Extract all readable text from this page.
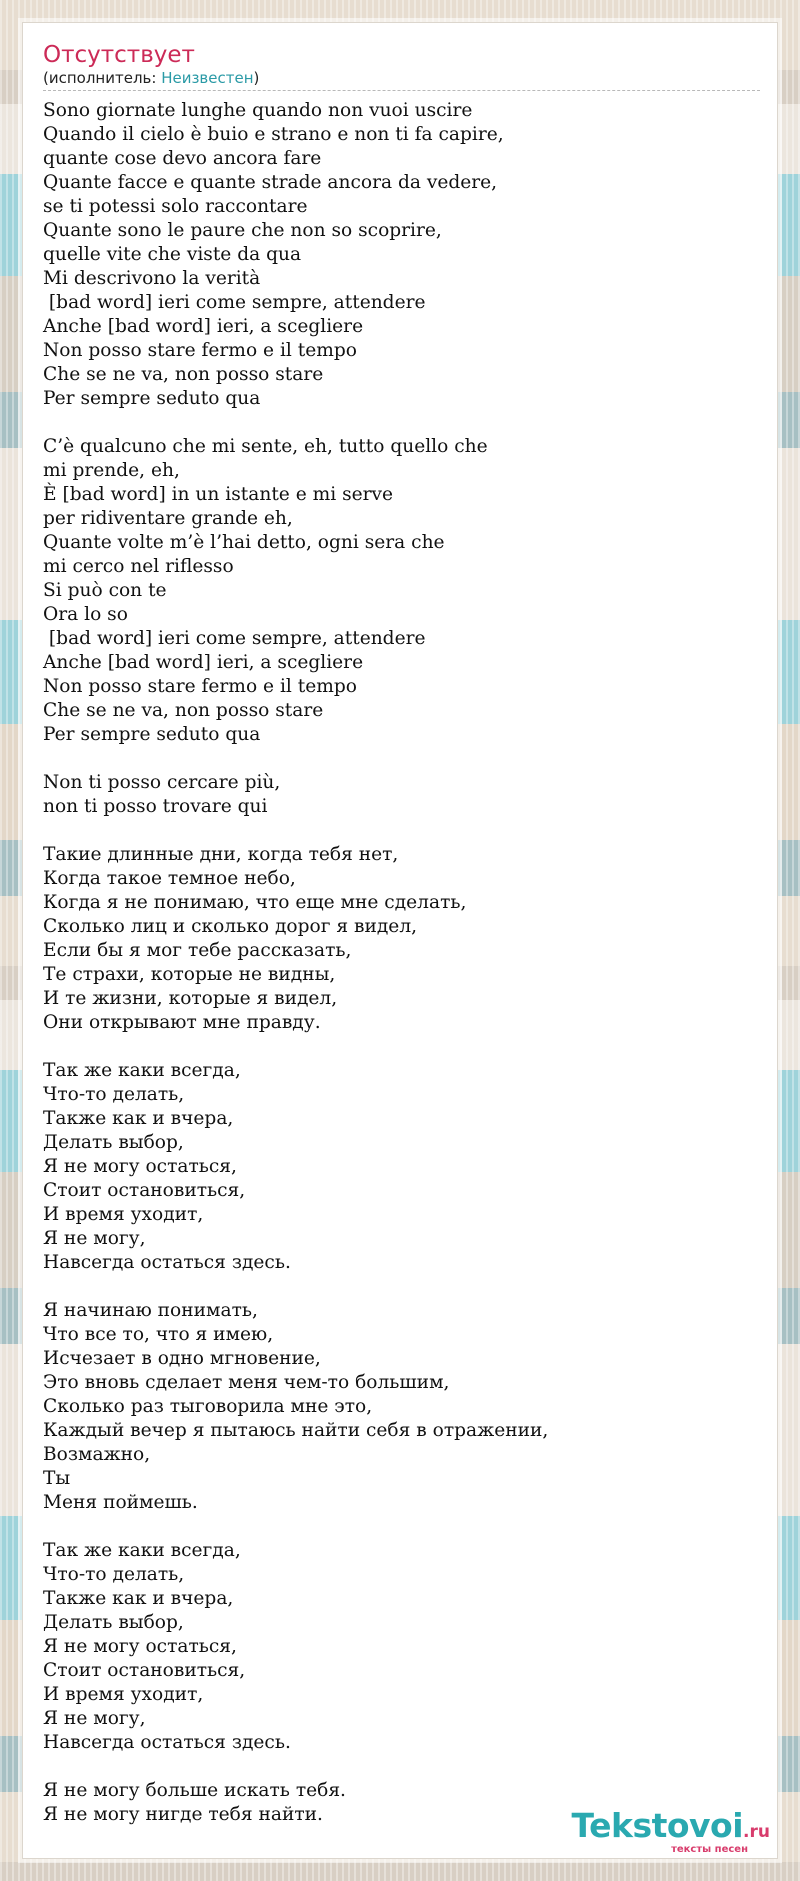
Отсутствует
(исполнитель: Неизвестен)
Sono giornate lunghe quando non vuoi uscire
Quando il cielo è buio e strano e non ti fa capire,
quante cose devo ancora fare
Quante facce e quante strade ancora da vedere,
se ti potessi solo raccontare
Quante sono le paure che non so scoprire,
quelle vite che viste da qua
Mi descrivono la verità
[bad word] ieri come sempre, attendere
Anche [bad word] ieri, a scegliere
Non posso stare fermo e il tempo
Che se ne va, non posso stare
Per sempre seduto qua
C’è qualcuno che mi sente, eh, tutto quello che
mi prende, eh,
È [bad word] in un istante e mi serve
per ridiventare grande eh,
Quante volte m’è l’hai detto, ogni sera che
mi cerco nel riflesso
Si può con te
Ora lo so
[bad word] ieri come sempre, attendere
Anche [bad word] ieri, a scegliere
Non posso stare fermo e il tempo
Che se ne va, non posso stare
Per sempre seduto qua
Non ti posso cercare più,
non ti posso trovare qui
Такие длинные дни, когда тебя нет,
Когда такое темное небо,
Когда я не понимаю, что еще мне сделать,
Сколько лиц и сколько дорог я видел,
Если бы я мог тебе рассказать,
Те страхи, которые не видны,
И те жизни, которые я видел,
Они открывают мне правду.
Так же каки всегда,
Что-то делать,
Также как и вчера,
Делать выбор,
Я не могу остаться,
Стоит остановиться,
И время уходит,
Я не могу,
Навсегда остаться здесь.
Я начинаю понимать,
Что все то, что я имею,
Исчезает в одно мгновение,
Это вновь сделает меня чем-то большим,
Сколько раз тыговорила мне это,
Каждый вечер я пытаюсь найти себя в отражении,
Возмажно,
Ты
Меня поймешь.
Так же каки всегда,
Что-то делать,
Также как и вчера,
Делать выбор,
Я не могу остаться,
Стоит остановиться,
И время уходит,
Я не могу,
Навсегда остаться здесь.
Я не могу больше искать тебя.
Я не могу нигде тебя найти.	Tekstovoi.ru
тексты песен
